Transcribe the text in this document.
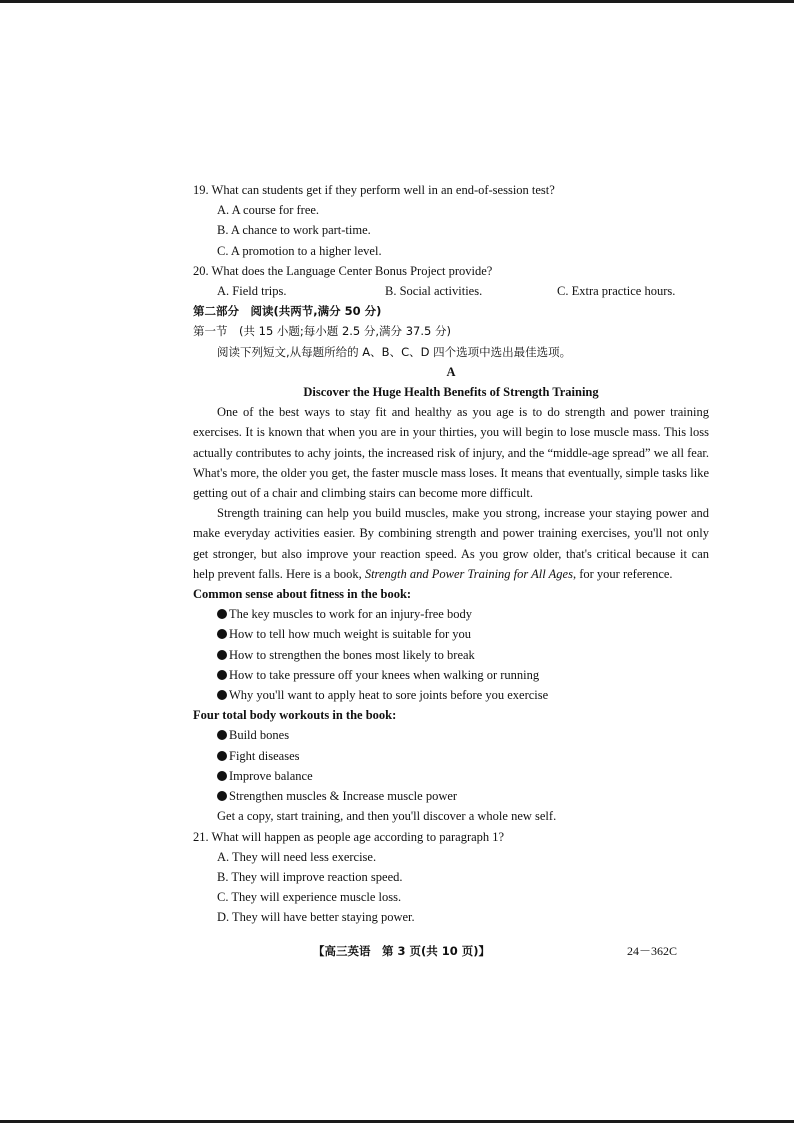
19. What can students get if they perform well in an end-of-session test?

A. A course for free.

B. A chance to work part-time.

C. A promotion to a higher level.

20. What does the Language Center Bonus Project provide?

A. Field trips.	B. Social activities.	C. Extra practice hours.

第二部分　阅读(共两节,满分 50 分)

第一节　(共 15 小题;每小题 2.5 分,满分 37.5 分)

阅读下列短文,从每题所给的 A、B、C、D 四个选项中选出最佳选项。

A

Discover the Huge Health Benefits of Strength Training

One of the best ways to stay fit and healthy as you age is to do strength and power training exercises. It is known that when you are in your thirties, you will begin to lose muscle mass. This loss actually contributes to achy joints, the increased risk of injury, and the “middle-age spread” we all fear. What's more, the older you get, the faster muscle mass loses. It means that eventually, simple tasks like getting out of a chair and climbing stairs can become more difficult.

Strength training can help you build muscles, make you strong, increase your staying power and make everyday activities easier. By combining strength and power training exercises, you'll not only get stronger, but also improve your reaction speed. As you grow older, that's critical because it can help prevent falls. Here is a book, Strength and Power Training for All Ages, for your reference.

Common sense about fitness in the book:

The key muscles to work for an injury-free body
How to tell how much weight is suitable for you
How to strengthen the bones most likely to break
How to take pressure off your knees when walking or running
Why you'll want to apply heat to sore joints before you exercise

Four total body workouts in the book:

Build bones
Fight diseases
Improve balance
Strengthen muscles & Increase muscle power

Get a copy, start training, and then you'll discover a whole new self.

21. What will happen as people age according to paragraph 1?

A. They will need less exercise.

B. They will improve reaction speed.

C. They will experience muscle loss.

D. They will have better staying power.

【高三英语　第 3 页(共 10 页)】	24－362C
